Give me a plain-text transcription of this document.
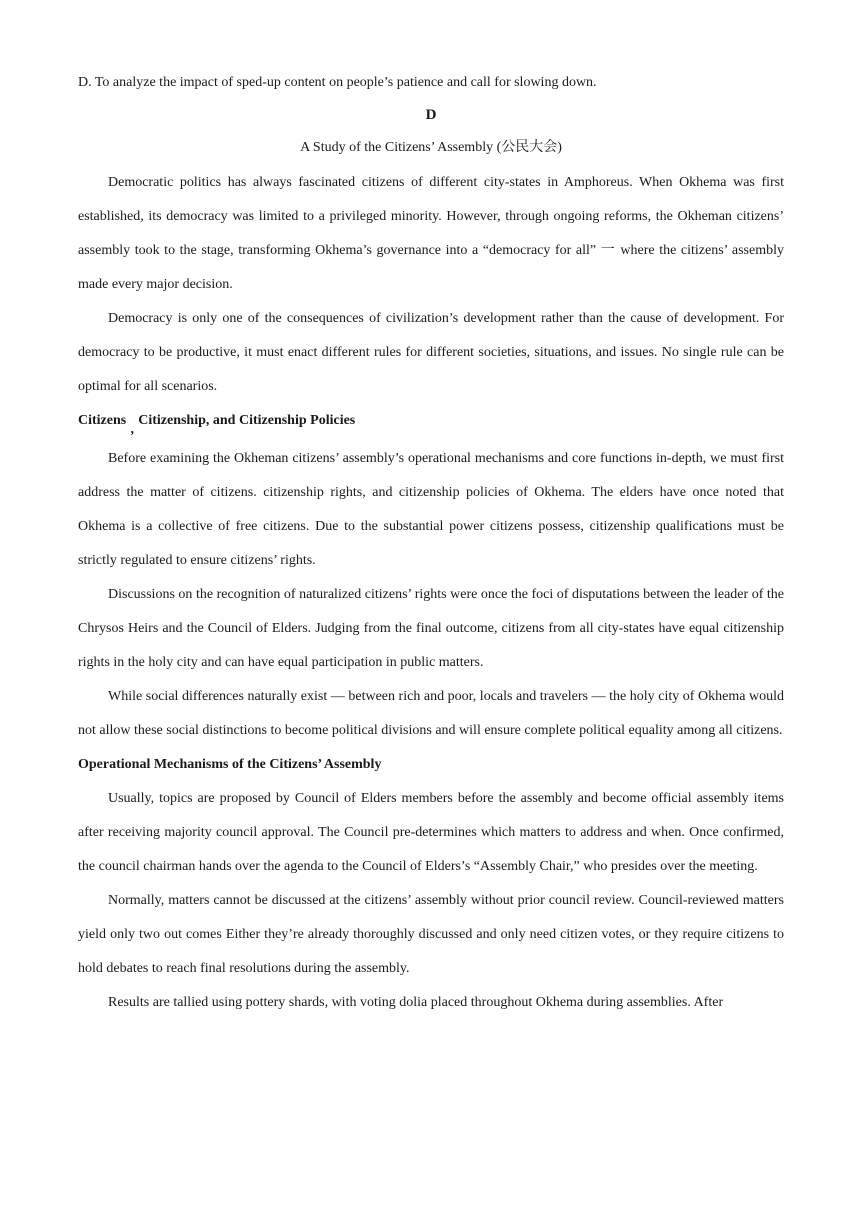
D. To analyze the impact of sped-up content on people’s patience and call for slowing down.

D

A Study of the Citizens’ Assembly (公民大会)

Democratic politics has always fascinated citizens of different city-states in Amphoreus. When Okhema was first established, its democracy was limited to a privileged minority. However, through ongoing reforms, the Okheman citizens’ assembly took to the stage, transforming Okhema’s governance into a “democracy for all” 一 where the citizens’ assembly made every major decision.

Democracy is only one of the consequences of civilization’s development rather than the cause of development. For democracy to be productive, it must enact different rules for different societies, situations, and issues. No single rule can be optimal for all scenarios.

Citizens,Citizenship, and Citizenship Policies

Before examining the Okheman citizens’ assembly’s operational mechanisms and core functions in-depth, we must first address the matter of citizens. citizenship rights, and citizenship policies of Okhema. The elders have once noted that Okhema is a collective of free citizens. Due to the substantial power citizens possess, citizenship qualifications must be strictly regulated to ensure citizens’ rights.

Discussions on the recognition of naturalized citizens’ rights were once the foci of disputations between the leader of the Chrysos Heirs and the Council of Elders. Judging from the final outcome, citizens from all city-states have equal citizenship rights in the holy city and can have equal participation in public matters.

While social differences naturally exist — between rich and poor, locals and travelers — the holy city of Okhema would not allow these social distinctions to become political divisions and will ensure complete political equality among all citizens.

Operational Mechanisms of the Citizens’ Assembly

Usually, topics are proposed by Council of Elders members before the assembly and become official assembly items after receiving majority council approval. The Council pre-determines which matters to address and when. Once confirmed, the council chairman hands over the agenda to the Council of Elders’s “Assembly Chair,” who presides over the meeting.

Normally, matters cannot be discussed at the citizens’ assembly without prior council review. Council-reviewed matters yield only two out comes Either they’re already thoroughly discussed and only need citizen votes, or they require citizens to hold debates to reach final resolutions during the assembly.

Results are tallied using pottery shards, with voting dolia placed throughout Okhema during assemblies. After
